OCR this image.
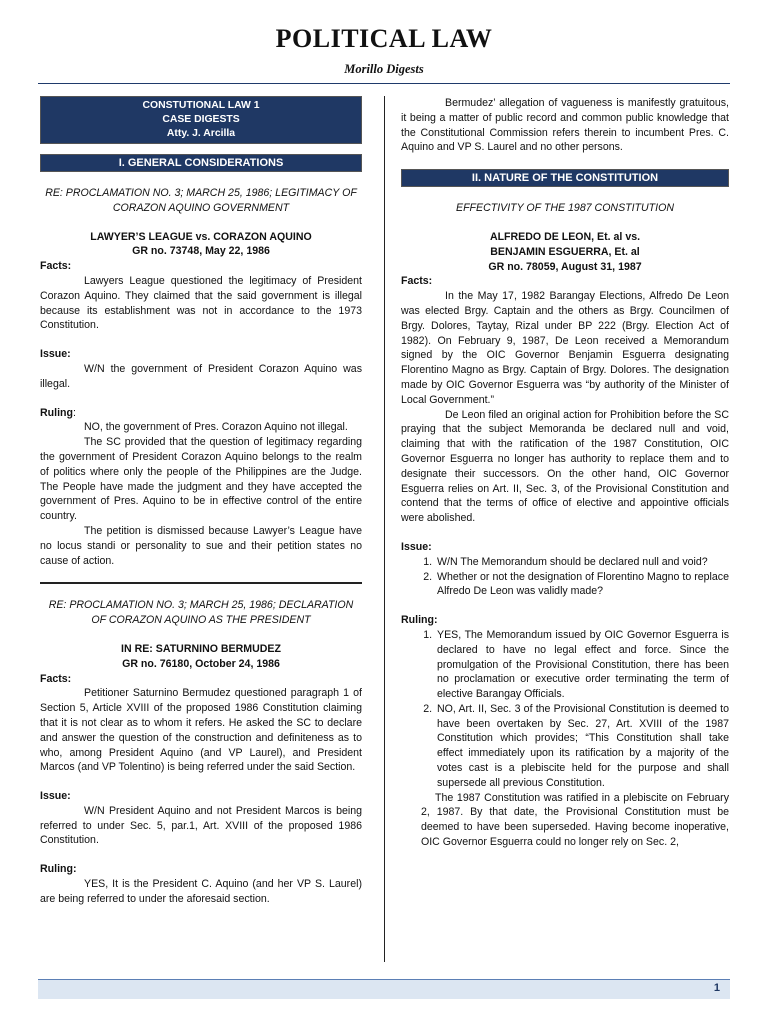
POLITICAL LAW
Morillo Digests
CONSTUTIONAL LAW 1
CASE DIGESTS
Atty. J. Arcilla
I. GENERAL CONSIDERATIONS

RE: PROCLAMATION NO. 3; MARCH 25, 1986; LEGITIMACY OF CORAZON AQUINO GOVERNMENT

LAWYER’S LEAGUE vs. CORAZON AQUINO

GR no. 73748, May 22, 1986

Facts:

Lawyers League questioned the legitimacy of President Corazon Aquino. They claimed that the said government is illegal because its establishment was not in accordance to the 1973 Constitution.

Issue:

W/N the government of President Corazon Aquino was illegal.

Ruling:

NO, the government of Pres. Corazon Aquino not illegal.

The SC provided that the question of legitimacy regarding the government of President Corazon Aquino belongs to the realm of politics where only the people of the Philippines are the Judge. The People have made the judgment and they have accepted the government of Pres. Aquino to be in effective control of the entire country.

The petition is dismissed because Lawyer’s League have no locus standi or personality to sue and their petition states no cause of action.

RE: PROCLAMATION NO. 3; MARCH 25, 1986; DECLARATION OF CORAZON AQUINO AS THE PRESIDENT

IN RE: SATURNINO BERMUDEZ

GR no. 76180, October 24, 1986

Facts:

Petitioner Saturnino Bermudez questioned paragraph 1 of Section 5, Article XVIII of the proposed 1986 Constitution claiming that it is not clear as to whom it refers. He asked the SC to declare and answer the question of the construction and definiteness as to who, among President Aquino (and VP Laurel), and President Marcos (and VP Tolentino) is being referred under the said Section.

Issue:

W/N President Aquino and not President Marcos is being referred to under Sec. 5, par.1, Art. XVIII of the proposed 1986 Constitution.

Ruling:

YES, It is the President C. Aquino (and her VP S. Laurel) are being referred to under the aforesaid section.

Bermudez’ allegation of vagueness is manifestly gratuitous, it being a matter of public record and common public knowledge that the Constitutional Commission refers therein to incumbent Pres. C. Aquino and VP S. Laurel and no other persons.

II. NATURE OF THE CONSTITUTION

EFFECTIVITY OF THE 1987 CONSTITUTION

ALFREDO DE LEON, Et. al vs.

BENJAMIN ESGUERRA, Et. al

GR no. 78059, August 31, 1987

Facts:

In the May 17, 1982 Barangay Elections, Alfredo De Leon was elected Brgy. Captain and the others as Brgy. Councilmen of Brgy. Dolores, Taytay, Rizal under BP 222 (Brgy. Election Act of 1982). On February 9, 1987, De Leon received a Memorandum signed by the OIC Governor Benjamin Esguerra designating Florentino Magno as Brgy. Captain of Brgy. Dolores. The designation made by OIC Governor Esguerra was “by authority of the Minister of Local Government.”

De Leon filed an original action for Prohibition before the SC praying that the subject Memoranda be declared null and void, claiming that with the ratification of the 1987 Constitution, OIC Governor Esguerra no longer has authority to replace them and to designate their successors. On the other hand, OIC Governor Esguerra relies on Art. II, Sec. 3, of the Provisional Constitution and contend that the terms of office of elective and appointive officials were abolished.

Issue:

1. W/N The Memorandum should be declared null and void?
2. Whether or not the designation of Florentino Magno to replace Alfredo De Leon was validly made?

Ruling:

1. YES, The Memorandum issued by OIC Governor Esguerra is declared to have no legal effect and force. Since the promulgation of the Provisional Constitution, there has been no proclamation or executive order terminating the term of elective Barangay Officials.
2. NO, Art. II, Sec. 3 of the Provisional Constitution is deemed to have been overtaken by Sec. 27, Art. XVIII of the 1987 Constitution which provides; “This Constitution shall take effect immediately upon its ratification by a majority of the votes cast is a plebiscite held for the purpose and shall supersede all previous Constitution.

The 1987 Constitution was ratified in a plebiscite on February 2, 1987. By that date, the Provisional Constitution must be deemed to have been superseded. Having become inoperative, OIC Governor Esguerra could no longer rely on Sec. 2,

1
